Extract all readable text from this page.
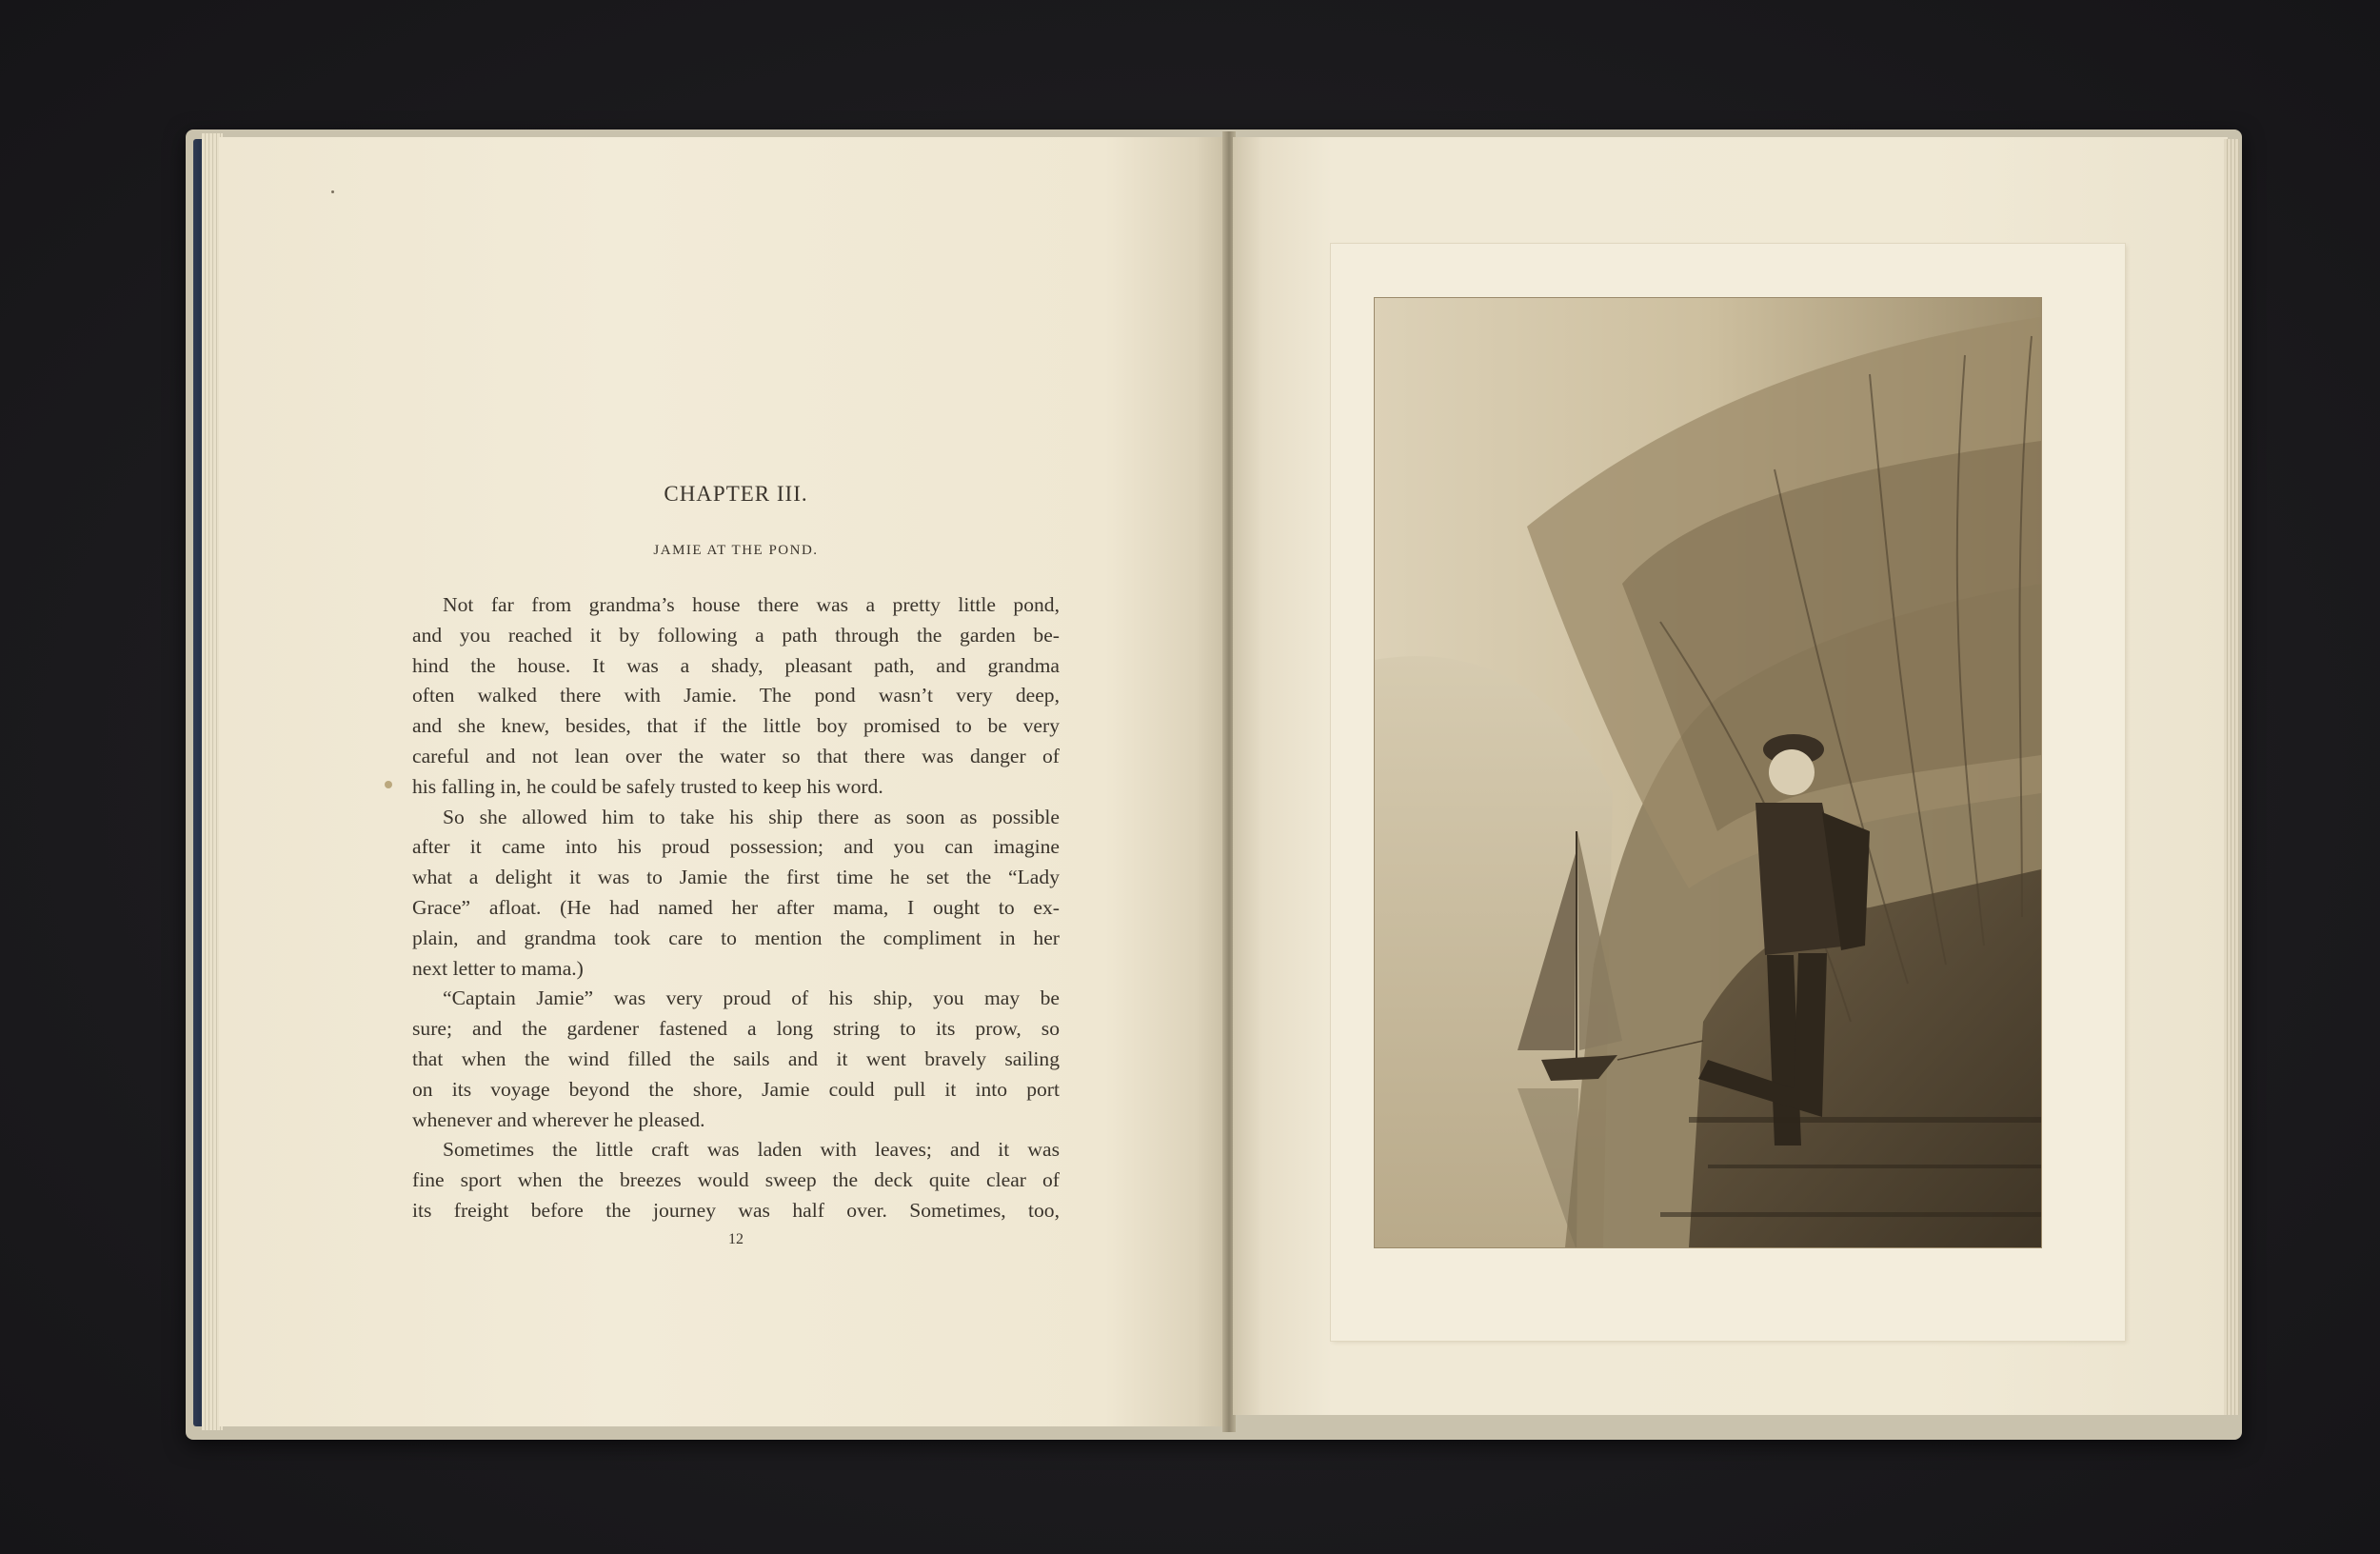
CHAPTER III.
JAMIE AT THE POND.
Not far from grandma’s house there was a pretty little pond,
and you reached it by following a path through the garden be-
hind the house. It was a shady, pleasant path, and grandma
often walked there with Jamie. The pond wasn’t very deep,
and she knew, besides, that if the little boy promised to be very
careful and not lean over the water so that there was danger of
his falling in, he could be safely trusted to keep his word.
So she allowed him to take his ship there as soon as possible
after it came into his proud possession; and you can imagine
what a delight it was to Jamie the first time he set the “Lady
Grace” afloat. (He had named her after mama, I ought to ex-
plain, and grandma took care to mention the compliment in her
next letter to mama.)
“Captain Jamie” was very proud of his ship, you may be
sure; and the gardener fastened a long string to its prow, so
that when the wind filled the sails and it went bravely sailing
on its voyage beyond the shore, Jamie could pull it into port
whenever and wherever he pleased.
Sometimes the little craft was laden with leaves; and it was
fine sport when the breezes would sweep the deck quite clear of
its freight before the journey was half over. Sometimes, too,
12
